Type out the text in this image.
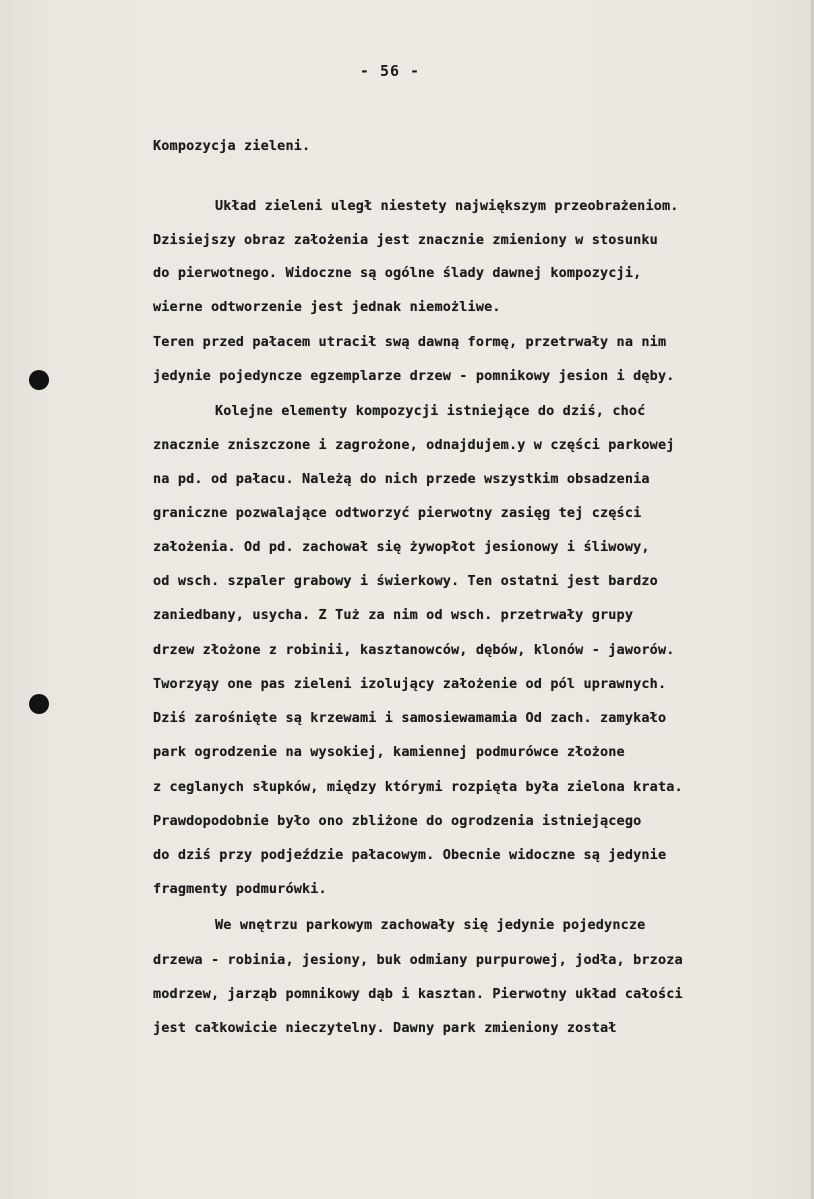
- 56 -
Kompozycja zieleni.
Układ zieleni uległ niestety największym przeobrażeniom.
Dzisiejszy obraz założenia jest znacznie zmieniony w stosunku
do pierwotnego. Widoczne są ogólne ślady dawnej kompozycji,
wierne odtworzenie jest jednak niemożliwe.
Teren przed pałacem utracił swą dawną formę, przetrwały na nim
jedynie pojedyncze egzemplarze drzew - pomnikowy jesion i dęby.
Kolejne elementy kompozycji istniejące do dziś, choć
znacznie zniszczone i zagrożone, odnajdujem.y w części parkowej
na pd. od pałacu. Należą do nich przede wszystkim obsadzenia
graniczne pozwalające odtworzyć pierwotny zasięg tej części
założenia. Od pd. zachował się żywopłot jesionowy i śliwowy,
od wsch. szpaler grabowy i świerkowy. Ten ostatni jest bardzo
zaniedbany, usycha. Z Tuż za nim od wsch. przetrwały grupy
drzew złożone z robinii, kasztanowców, dębów, klonów - jaworów.
Tworzyąy one pas zieleni izolujący założenie od pól uprawnych.
Dziś zarośnięte są krzewami i samosiewamamia Od zach. zamykało
park ogrodzenie na wysokiej, kamiennej podmurówce złożone
z ceglanych słupków, między którymi rozpięta była zielona krata.
Prawdopodobnie było ono zbliżone do ogrodzenia istniejącego
do dziś przy podjeździe pałacowym. Obecnie widoczne są jedynie
fragmenty podmurówki.
We wnętrzu parkowym zachowały się jedynie pojedyncze
drzewa - robinia, jesiony, buk odmiany purpurowej, jodła, brzoza
modrzew, jarząb pomnikowy dąb i kasztan. Pierwotny układ całości
jest całkowicie nieczytelny. Dawny park zmieniony został
